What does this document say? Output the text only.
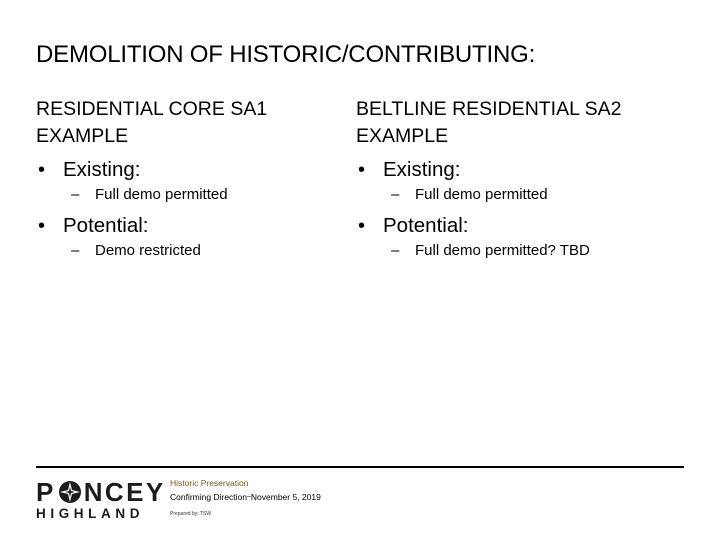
DEMOLITION OF HISTORIC/CONTRIBUTING:
RESIDENTIAL CORE SA1
EXAMPLE
• Existing:
– Full demo permitted
• Potential:
– Demo restricted
BELTLINE RESIDENTIAL SA2
EXAMPLE
• Existing:
– Full demo permitted
• Potential:
– Full demo permitted? TBD
P NCEY
HIGHLAND
Historic Preservation
Confirming Direction–November 5, 2019
Prepared by: TSW
